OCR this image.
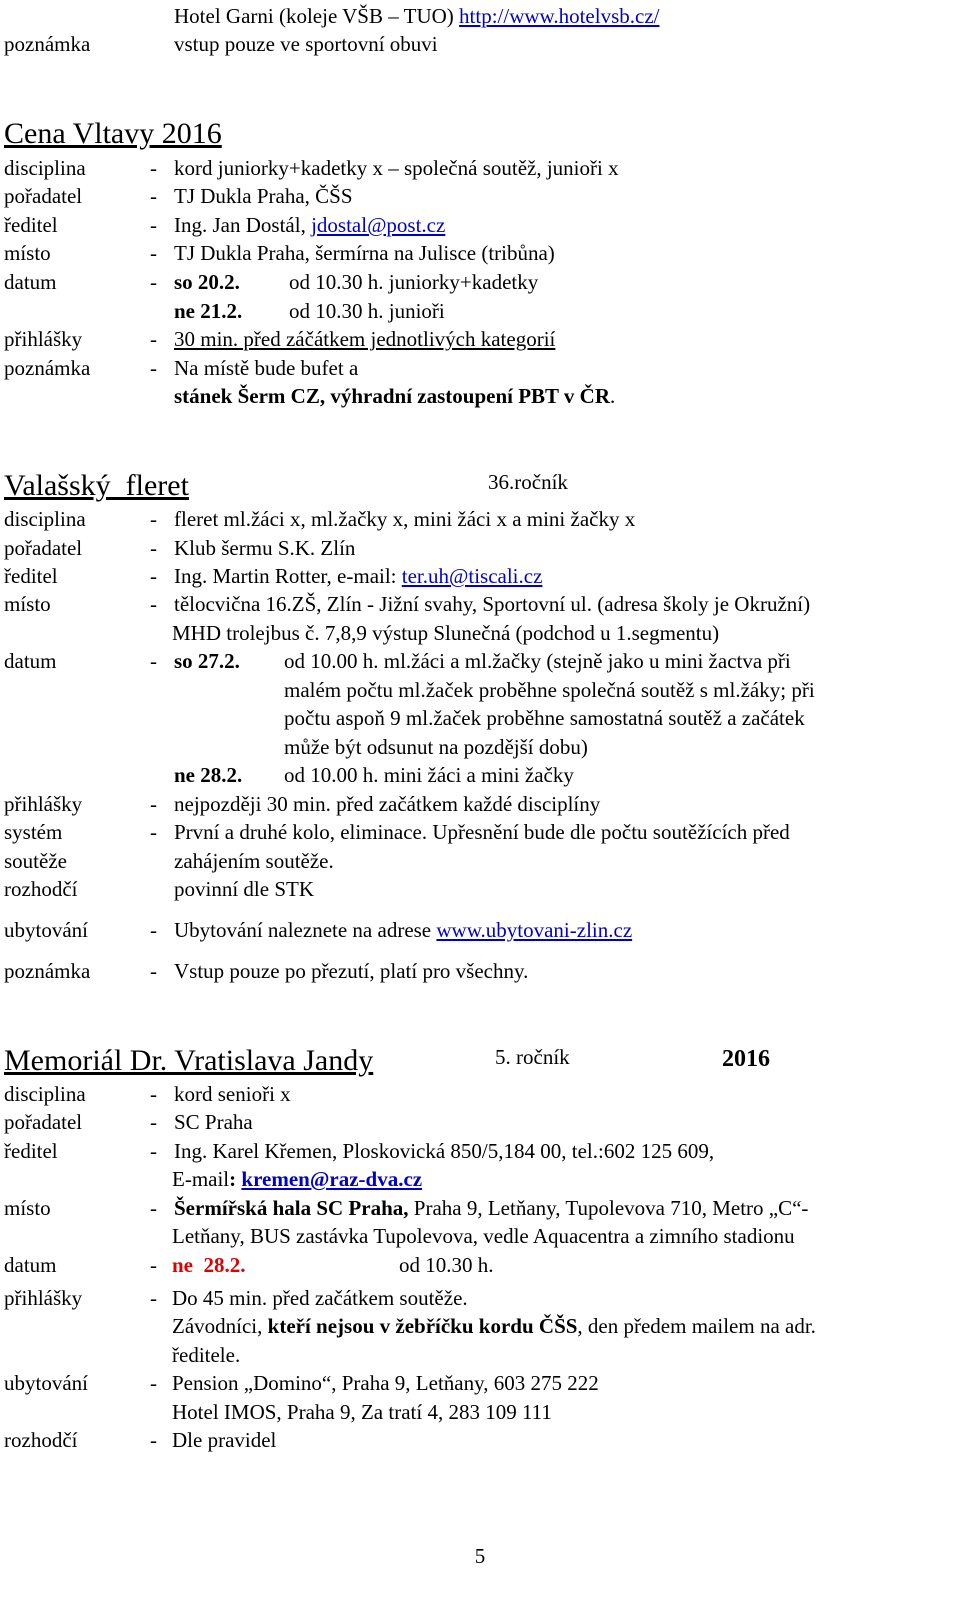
Hotel Garni (koleje VŠB – TUO) http://www.hotelvsb.cz/
poznámka	vstup pouze ve sportovní obuvi
Cena Vltavy 2016
disciplina	- kord juniorky+kadetky x – společná soutěž, junioři x
pořadatel	- TJ Dukla Praha, ČŠS
ředitel	- Ing. Jan Dostál, jdostal@post.cz
místo	- TJ Dukla Praha, šermírna na Julisce (tribůna)
datum	- so 20.2. od 10.30 h. juniorky+kadetky
ne 21.2. od 10.30 h. junioři
přihlášky	- 30 min. před záčátkem jednotlivých kategorií
poznámka	- Na místě bude bufet a
stánek Šerm CZ, výhradní zastoupení PBT v ČR.
Valašský  fleret	36.ročník
disciplina	- fleret ml.žáci x, ml.žačky x, mini žáci x a mini žačky x
pořadatel	- Klub šermu S.K. Zlín
ředitel	- Ing. Martin Rotter, e-mail: ter.uh@tiscali.cz
místo	- tělocvična 16.ZŠ, Zlín - Jižní svahy, Sportovní ul. (adresa školy je Okružní)
MHD trolejbus č. 7,8,9 výstup Slunečná (podchod u 1.segmentu)
datum	- so 27.2. od 10.00 h. ml.žáci a ml.žačky (stejně jako u mini žactva při
malém počtu ml.žaček proběhne společná soutěž s ml.žáky; při
počtu aspoň 9 ml.žaček proběhne samostatná soutěž a začátek
může být odsunut na pozdější dobu)
ne 28.2. od 10.00 h. mini žáci a mini žačky
přihlášky	- nejpozději 30 min. před začátkem každé disciplíny
systém	- První a druhé kolo, eliminace. Upřesnění bude dle počtu soutěžících před
soutěže	zahájením soutěže.
rozhodčí	povinní dle STK
ubytování	- Ubytování naleznete na adrese www.ubytovani-zlin.cz
poznámka	- Vstup pouze po přezutí, platí pro všechny.
Memoriál Dr. Vratislava Jandy	5. ročník	2016
disciplina	- kord senioři x
pořadatel	- SC Praha
ředitel	- Ing. Karel Křemen, Ploskovická 850/5,184 00, tel.:602 125 609,
E-mail: kremen@raz-dva.cz
místo	- Šermířská hala SC Praha, Praha 9, Letňany, Tupolevova 710, Metro „C“-
Letňany, BUS zastávka Tupolevova, vedle Aquacentra a zimního stadionu
datum	- ne  28.2.	od 10.30 h.
přihlášky	- Do 45 min. před začátkem soutěže.
Závodníci, kteří nejsou v žebříčku kordu ČŠS, den předem mailem na adr.
ředitele.
ubytování	- Pension „Domino“, Praha 9, Letňany, 603 275 222
Hotel IMOS, Praha 9, Za tratí 4, 283 109 111
rozhodčí	- Dle pravidel
5
